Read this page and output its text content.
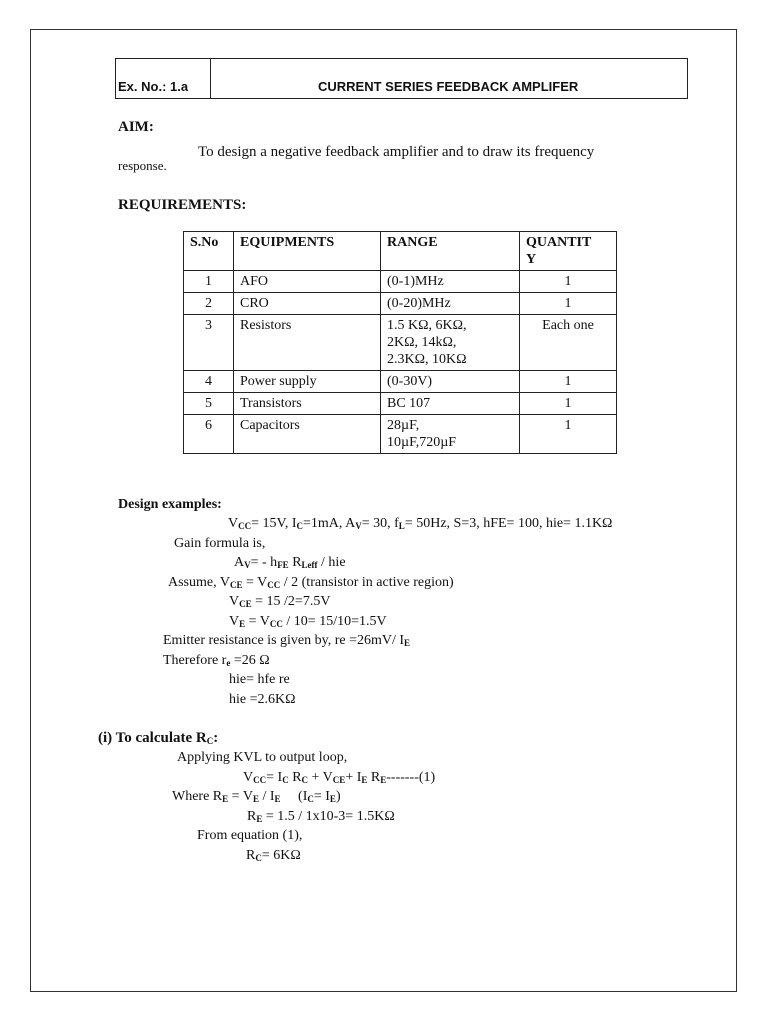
Ex. No.: 1.a	CURRENT SERIES FEEDBACK AMPLIFER
AIM:
To design a negative feedback amplifier and to draw its frequency
response.
REQUIREMENTS:
S.No	EQUIPMENTS	RANGE	QUANTIT
Y
1	AFO	(0-1)MHz	1
2	CRO	(0-20)MHz	1
3	Resistors	1.5 KΩ, 6KΩ,
2KΩ, 14kΩ,
2.3KΩ, 10KΩ	Each one
4	Power supply	(0-30V)	1
5	Transistors	BC 107	1
6	Capacitors	28µF,
10µF,720µF	1
Design examples:
$V_{CC}= 15V$, $I_C=1mA$, $A_V= 30$, $f_L= 50Hz$, S=3, hFE= 100, hie= 1.1KΩ
Gain formula is,
$A_V= - h_{FE}$ $R_{Leff}$ / hie
Assume, $V_{CE} = V_{CC} / 2$ (transistor in active region)
$V_{CE} = 15$ /2=7.5V
$V_E = V_{CC} / 10= 15/10=1.5V$
Emitter resistance is given by, re =26mV/ $I_E$
Therefore $r_e =26$ Ω
hie= hfe re
hie =2.6KΩ
(i) To calculate $R_C$:
Applying KVL to output loop,
$V_{CC}= I_C$ $R_C + V_{CE}+ I_E$ $R_E-------(1)$
Where $R_E = V_E / I_E$     $(I_C= I_E)$
$R_E = 1.5 / 1x10-3= 1.5K\Omega$
From equation (1),
$R_C= 6K\Omega$
